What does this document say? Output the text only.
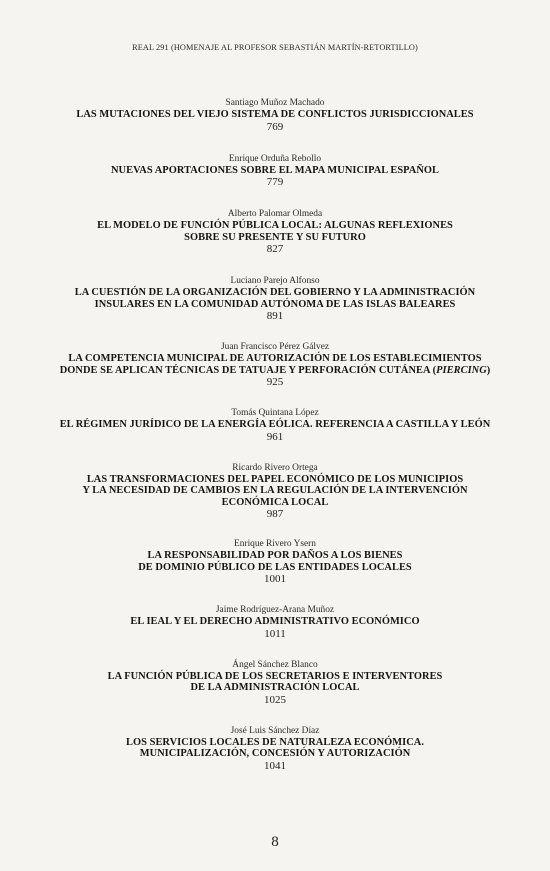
REAL 291 (HOMENAJE AL PROFESOR SEBASTIÁN MARTÍN-RETORTILLO)
Santiago Muñoz Machado
LAS MUTACIONES DEL VIEJO SISTEMA DE CONFLICTOS JURISDICCIONALES
769
Enrique Orduña Rebollo
NUEVAS APORTACIONES SOBRE EL MAPA MUNICIPAL ESPAÑOL
779
Alberto Palomar Olmeda
EL MODELO DE FUNCIÓN PÚBLICA LOCAL: ALGUNAS REFLEXIONES
SOBRE SU PRESENTE Y SU FUTURO
827
Luciano Parejo Alfonso
LA CUESTIÓN DE LA ORGANIZACIÓN DEL GOBIERNO Y LA ADMINISTRACIÓN
INSULARES EN LA COMUNIDAD AUTÓNOMA DE LAS ISLAS BALEARES
891
Juan Francisco Pérez Gálvez
LA COMPETENCIA MUNICIPAL DE AUTORIZACIÓN DE LOS ESTABLECIMIENTOS
DONDE SE APLICAN TÉCNICAS DE TATUAJE Y PERFORACIÓN CUTÁNEA (PIERCING)
925
Tomás Quintana López
EL RÉGIMEN JURÍDICO DE LA ENERGÍA EÓLICA. REFERENCIA A CASTILLA Y LEÓN
961
Ricardo Rivero Ortega
LAS TRANSFORMACIONES DEL PAPEL ECONÓMICO DE LOS MUNICIPIOS
Y LA NECESIDAD DE CAMBIOS EN LA REGULACIÓN DE LA INTERVENCIÓN
ECONÓMICA LOCAL
987
Enrique Rivero Ysern
LA RESPONSABILIDAD POR DAÑOS A LOS BIENES
DE DOMINIO PÚBLICO DE LAS ENTIDADES LOCALES
1001
Jaime Rodríguez-Arana Muñoz
EL IEAL Y EL DERECHO ADMINISTRATIVO ECONÓMICO
1011
Ángel Sánchez Blanco
LA FUNCIÓN PÚBLICA DE LOS SECRETARIOS E INTERVENTORES
DE LA ADMINISTRACIÓN LOCAL
1025
José Luis Sánchez Díaz
LOS SERVICIOS LOCALES DE NATURALEZA ECONÓMICA.
MUNICIPALIZACIÓN, CONCESIÓN Y AUTORIZACIÓN
1041
8
